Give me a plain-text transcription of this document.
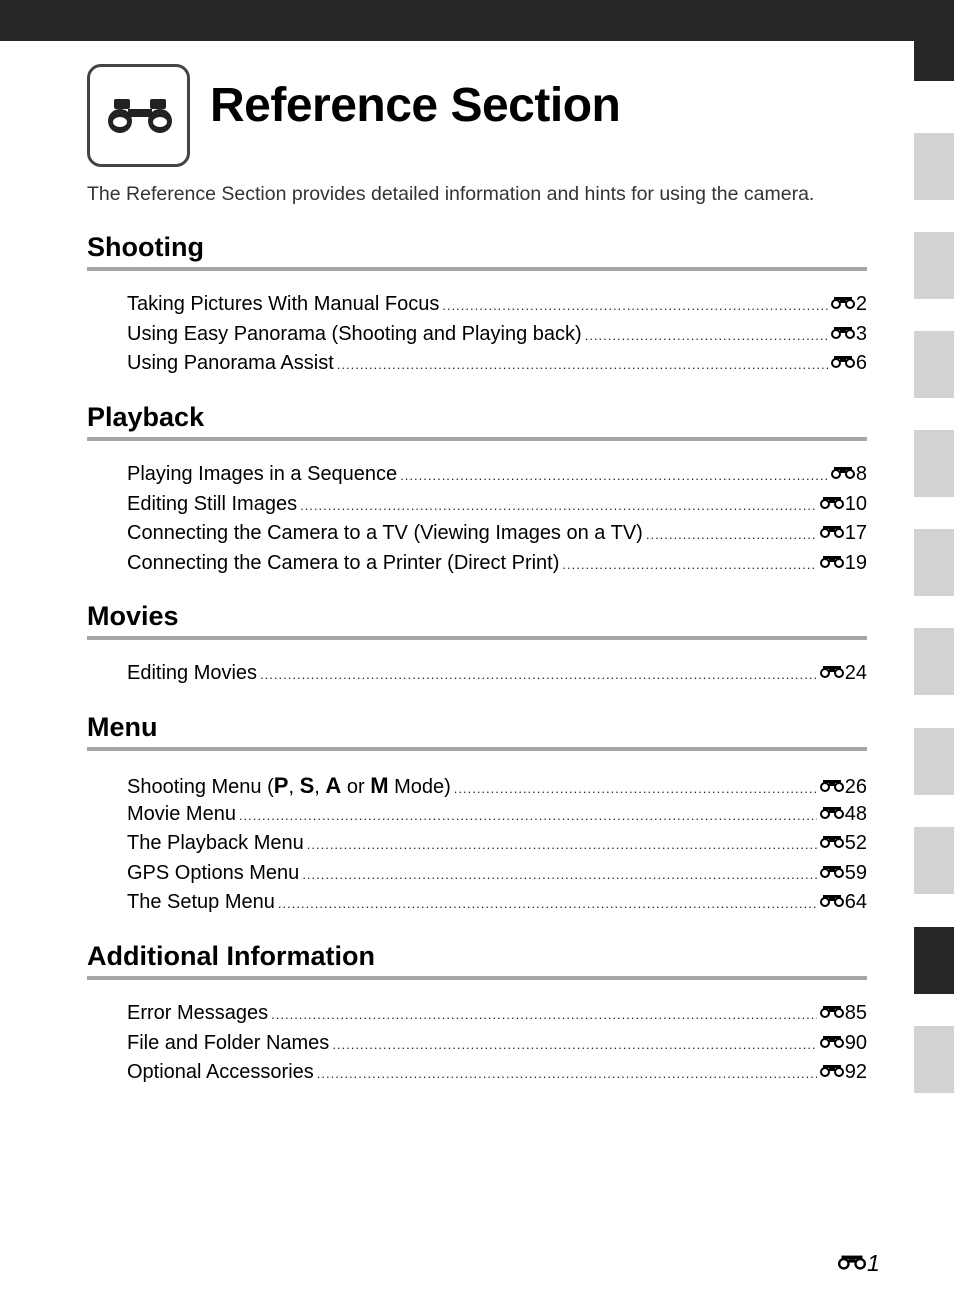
Reference Section
The Reference Section provides detailed information and hints for using the camera.
Shooting
Taking Pictures With Manual Focus .....	2
Using Easy Panorama (Shooting and Playing back) .....	3
Using Panorama Assist .....	6
Playback
Playing Images in a Sequence .....	8
Editing Still Images .....	10
Connecting the Camera to a TV (Viewing Images on a TV) .....	17
Connecting the Camera to a Printer (Direct Print) .....	19
Movies
Editing Movies .....	24
Menu
Shooting Menu (P, S, A or M Mode) .....	26
Movie Menu .....	48
The Playback Menu .....	52
GPS Options Menu .....	59
The Setup Menu .....	64
Additional Information
Error Messages .....	85
File and Folder Names .....	90
Optional Accessories .....	92
1
